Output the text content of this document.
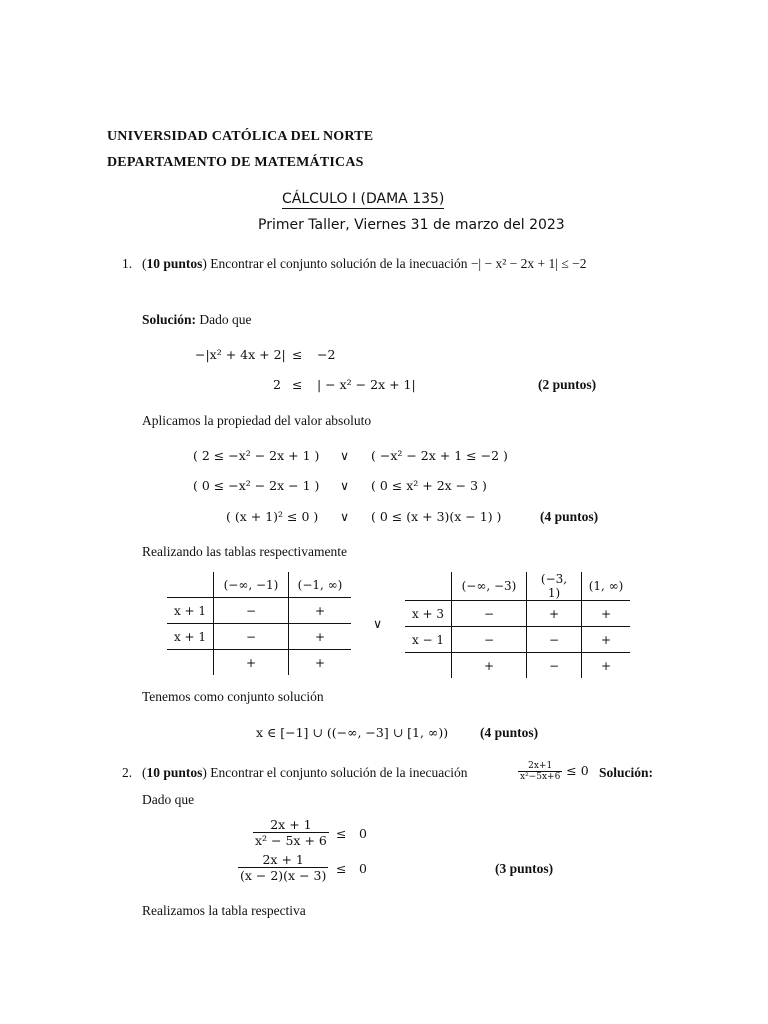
UNIVERSIDAD CATÓLICA DEL NORTE
DEPARTAMENTO DE MATEMÁTICAS
CÁLCULO I (DAMA 135)
Primer Taller, Viernes 31 de marzo del 2023
1. (10 puntos) Encontrar el conjunto solución de la inecuación −| − x² − 2x + 1| ≤ −2
Solución: Dado que
−|x² + 4x + 2| ≤ −2
2 ≤ | − x² − 2x + 1|	(2 puntos)
Aplicamos la propiedad del valor absoluto
( 2 ≤ −x² − 2x + 1 ) ∨ ( −x² − 2x + 1 ≤ −2 )
( 0 ≤ −x² − 2x − 1 ) ∨ ( 0 ≤ x² + 2x − 3 )
( (x + 1)² ≤ 0 ) ∨ ( 0 ≤ (x + 3)(x − 1) )	(4 puntos)
Realizando las tablas respectivamente
	(−∞, −1)	(−1, ∞)
x + 1	−	+
x + 1	−	+
	+	+
∨
	(−∞, −3)	(−3, 1)	(1, ∞)
x + 3	−	+	+
x − 1	−	−	+
	+	−	+
Tenemos como conjunto solución
x ∈ [−1] ∪ ((−∞, −3] ∪ [1, ∞)) (4 puntos)
2. (10 puntos) Encontrar el conjunto solución de la inecuación	$\frac{2x+1}{\text{x²−5x+6}} \le 0$ Solución:
Dado que
$\frac{2x + 1}{\text{x² − 5x + 6}} \le 0$
$\frac{2x + 1}{(x - 2)(x - 3)} \le 0$	(3 puntos)
Realizamos la tabla respectiva
